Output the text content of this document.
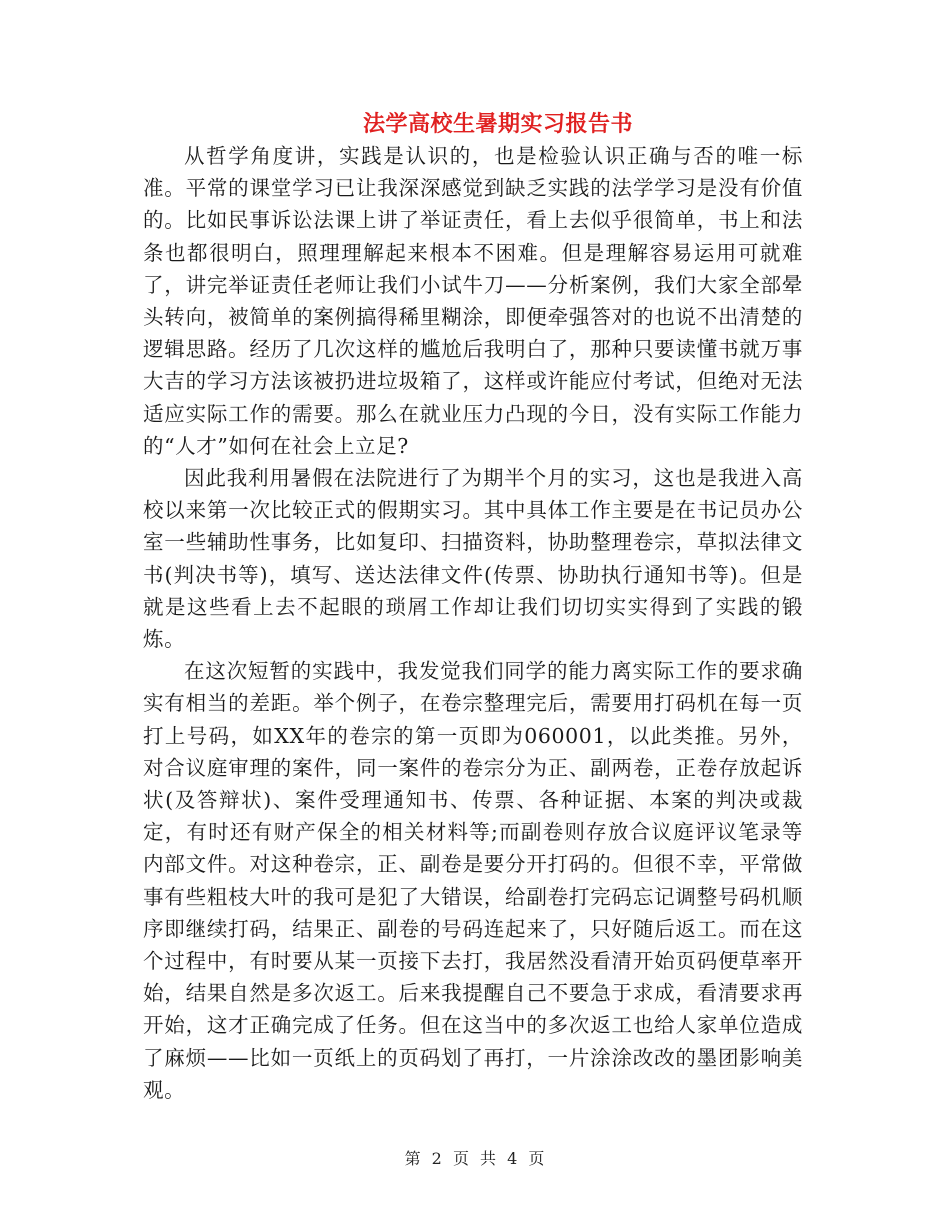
法学高校生暑期实习报告书

从哲学角度讲，实践是认识的，也是检验认识正确与否的唯一标准。平常的课堂学习已让我深深感觉到缺乏实践的法学学习是没有价值的。比如民事诉讼法课上讲了举证责任，看上去似乎很简单，书上和法条也都很明白，照理理解起来根本不困难。但是理解容易运用可就难了，讲完举证责任老师让我们小试牛刀——分析案例，我们大家全部晕头转向，被简单的案例搞得稀里糊涂，即便牵强答对的也说不出清楚的逻辑思路。经历了几次这样的尴尬后我明白了，那种只要读懂书就万事大吉的学习方法该被扔进垃圾箱了，这样或许能应付考试，但绝对无法适应实际工作的需要。那么在就业压力凸现的今日，没有实际工作能力的“人才”如何在社会上立足?

因此我利用暑假在法院进行了为期半个月的实习，这也是我进入高校以来第一次比较正式的假期实习。其中具体工作主要是在书记员办公室一些辅助性事务，比如复印、扫描资料，协助整理卷宗，草拟法律文书(判决书等)，填写、送达法律文件(传票、协助执行通知书等)。但是就是这些看上去不起眼的琐屑工作却让我们切切实实得到了实践的锻炼。

在这次短暂的实践中，我发觉我们同学的能力离实际工作的要求确实有相当的差距。举个例子，在卷宗整理完后，需要用打码机在每一页打上号码，如XX年的卷宗的第一页即为060001，以此类推。另外，对合议庭审理的案件，同一案件的卷宗分为正、副两卷，正卷存放起诉状(及答辩状)、案件受理通知书、传票、各种证据、本案的判决或裁定，有时还有财产保全的相关材料等;而副卷则存放合议庭评议笔录等内部文件。对这种卷宗，正、副卷是要分开打码的。但很不幸，平常做事有些粗枝大叶的我可是犯了大错误，给副卷打完码忘记调整号码机顺序即继续打码，结果正、副卷的号码连起来了，只好随后返工。而在这个过程中，有时要从某一页接下去打，我居然没看清开始页码便草率开始，结果自然是多次返工。后来我提醒自己不要急于求成，看清要求再开始，这才正确完成了任务。但在这当中的多次返工也给人家单位造成了麻烦——比如一页纸上的页码划了再打，一片涂涂改改的墨团影响美观。

第 2 页 共 4 页
